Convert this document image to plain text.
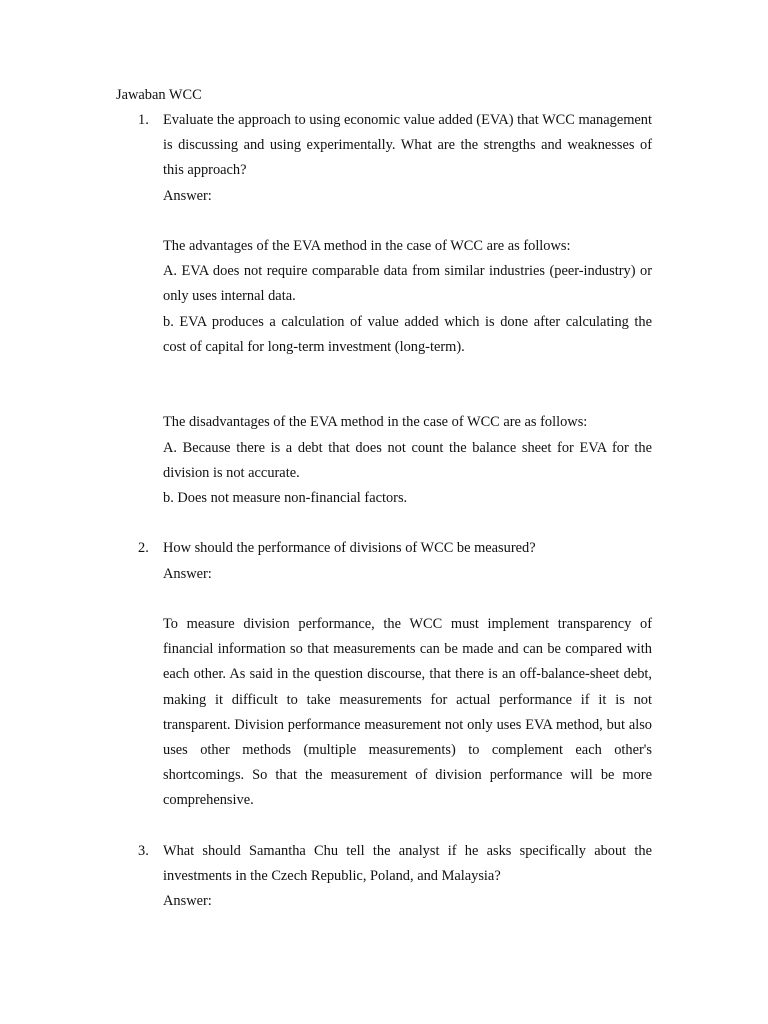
Jawaban WCC
1. Evaluate the approach to using economic value added (EVA) that WCC management is discussing and using experimentally. What are the strengths and weaknesses of this approach?

Answer:

The advantages of the EVA method in the case of WCC are as follows:

A. EVA does not require comparable data from similar industries (peer-industry) or only uses internal data.

b. EVA produces a calculation of value added which is done after calculating the cost of capital for long-term investment (long-term).

The disadvantages of the EVA method in the case of WCC are as follows:

A. Because there is a debt that does not count the balance sheet for EVA for the division is not accurate.

b. Does not measure non-financial factors.

2. How should the performance of divisions of WCC be measured?

Answer:

To measure division performance, the WCC must implement transparency of financial information so that measurements can be made and can be compared with each other. As said in the question discourse, that there is an off-balance-sheet debt, making it difficult to take measurements for actual performance if it is not transparent. Division performance measurement not only uses EVA method, but also uses other methods (multiple measurements) to complement each other's shortcomings. So that the measurement of division performance will be more comprehensive.

3. What should Samantha Chu tell the analyst if he asks specifically about the investments in the Czech Republic, Poland, and Malaysia?

Answer:
